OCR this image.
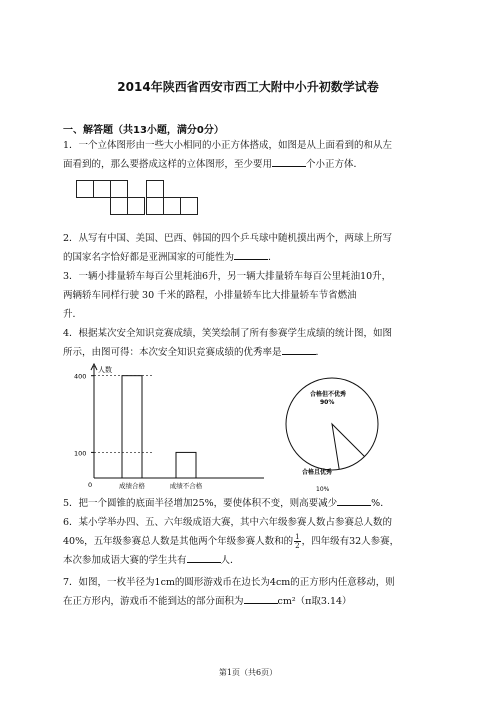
2014年陕西省西安市西工大附中小升初数学试卷
一、解答题（共13小题，满分0分）
1．一个立体图形由一些大小相同的小正方体搭成，如图是从上面看到的和从左
面看到的，那么要搭成这样的立体图形，至少要用	个小正方体．
2．从写有中国、美国、巴西、韩国的四个乒乓球中随机摸出两个，两球上所写
的国家名字恰好都是亚洲国家的可能性为	．
3．一辆小排量轿车每百公里耗油6升，另一辆大排量轿车每百公里耗油10升，
两辆轿车同样行驶 30 千米的路程，小排量轿车比大排量轿车节省燃油
升．
4．根据某次安全知识竞赛成绩，笑笑绘制了所有参赛学生成绩的统计图，如图
所示，由图可得：本次安全知识竞赛成绩的优秀率是	．
人数
400
100
0	成绩合格	成绩不合格
合格但不优秀
90%
合格且优秀
10%
5．把一个圆锥的底面半径增加25%，要使体积不变，则高要减少	%．
6．某小学举办四、五、六年级成语大赛，其中六年级参赛人数占参赛总人数的
40%，五年级参赛总人数是其他两个年级参赛人数和的 $\frac{1}{2}$ ，四年级有32人参赛，
本次参加成语大赛的学生共有	人．
7．如图，一枚半径为1cm的圆形游戏币在边长为4cm的正方形内任意移动，则
在正方形内，游戏币不能到达的部分面积为	cm²（π取3.14）
第1页（共6页）
